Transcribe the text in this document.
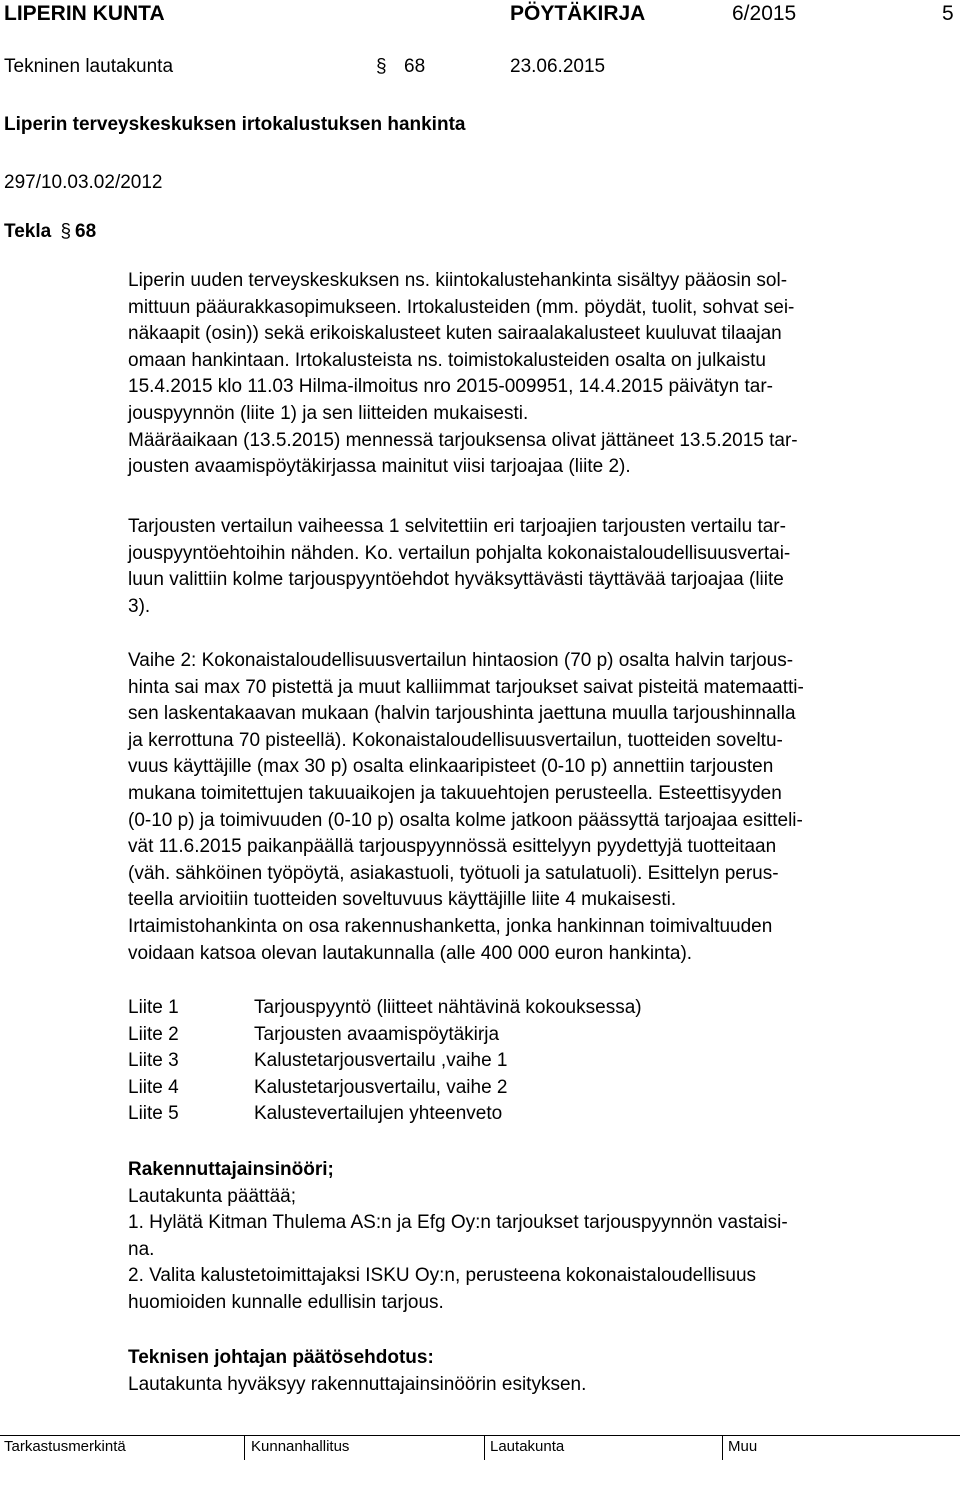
LIPERIN KUNTA	PÖYTÄKIRJA	6/2015	5
Tekninen lautakunta	§ 68	23.06.2015
Liperin terveyskeskuksen irtokalustuksen hankinta
297/10.03.02/2012
Tekla § 68
Liperin uuden terveyskeskuksen ns. kiintokalustehankinta sisältyy pääosin sol-
mittuun pääurakkasopimukseen. Irtokalusteiden (mm. pöydät, tuolit, sohvat sei-
näkaapit (osin)) sekä erikoiskalusteet kuten sairaalakalusteet kuuluvat tilaajan
omaan hankintaan. Irtokalusteista ns. toimistokalusteiden osalta on julkaistu
15.4.2015 klo 11.03 Hilma-ilmoitus nro 2015-009951, 14.4.2015 päivätyn tar-
jouspyynnön (liite 1) ja sen liitteiden mukaisesti.
Määräaikaan (13.5.2015) mennessä tarjouksensa olivat jättäneet 13.5.2015 tar-
jousten avaamispöytäkirjassa mainitut viisi tarjoajaa (liite 2).
Tarjousten vertailun vaiheessa 1 selvitettiin eri tarjoajien tarjousten vertailu tar-
jouspyyntöehtoihin nähden. Ko. vertailun pohjalta kokonaistaloudellisuusvertai-
luun valittiin kolme tarjouspyyntöehdot hyväksyttävästi täyttävää tarjoajaa (liite
3).
Vaihe 2: Kokonaistaloudellisuusvertailun hintaosion (70 p) osalta halvin tarjous-
hinta sai max 70 pistettä ja muut kalliimmat tarjoukset saivat pisteitä matemaatti-
sen laskentakaavan mukaan (halvin tarjoushinta jaettuna muulla tarjoushinnalla
ja kerrottuna 70 pisteellä). Kokonaistaloudellisuusvertailun, tuotteiden soveltu-
vuus käyttäjille (max 30 p) osalta elinkaaripisteet (0-10 p) annettiin tarjousten
mukana toimitettujen takuuaikojen ja takuuehtojen perusteella. Esteettisyyden
(0-10 p) ja toimivuuden (0-10 p) osalta kolme jatkoon päässyttä tarjoajaa esitteli-
vät 11.6.2015 paikanpäällä tarjouspyynnössä esittelyyn pyydettyjä tuotteitaan
(väh. sähköinen työpöytä, asiakastuoli, työtuoli ja satulatuoli). Esittelyn perus-
teella arvioitiin tuotteiden soveltuvuus käyttäjille liite 4 mukaisesti.
Irtaimistohankinta on osa rakennushanketta, jonka hankinnan toimivaltuuden
voidaan katsoa olevan lautakunnalla (alle 400 000 euron hankinta).
Liite 1	Tarjouspyyntö (liitteet nähtävinä kokouksessa)
Liite 2	Tarjousten avaamispöytäkirja
Liite 3	Kalustetarjousvertailu ,vaihe 1
Liite 4	Kalustetarjousvertailu, vaihe 2
Liite 5	Kalustevertailujen yhteenveto
Rakennuttajainsinööri;
Lautakunta päättää;
1. Hylätä Kitman Thulema AS:n ja Efg Oy:n tarjoukset tarjouspyynnön vastaisi-
na.
2. Valita kalustetoimittajaksi ISKU Oy:n, perusteena kokonaistaloudellisuus
huomioiden kunnalle edullisin tarjous.
Teknisen johtajan päätösehdotus:
Lautakunta hyväksyy rakennuttajainsinöörin esityksen.
Tarkastusmerkintä	Kunnanhallitus	Lautakunta	Muu
